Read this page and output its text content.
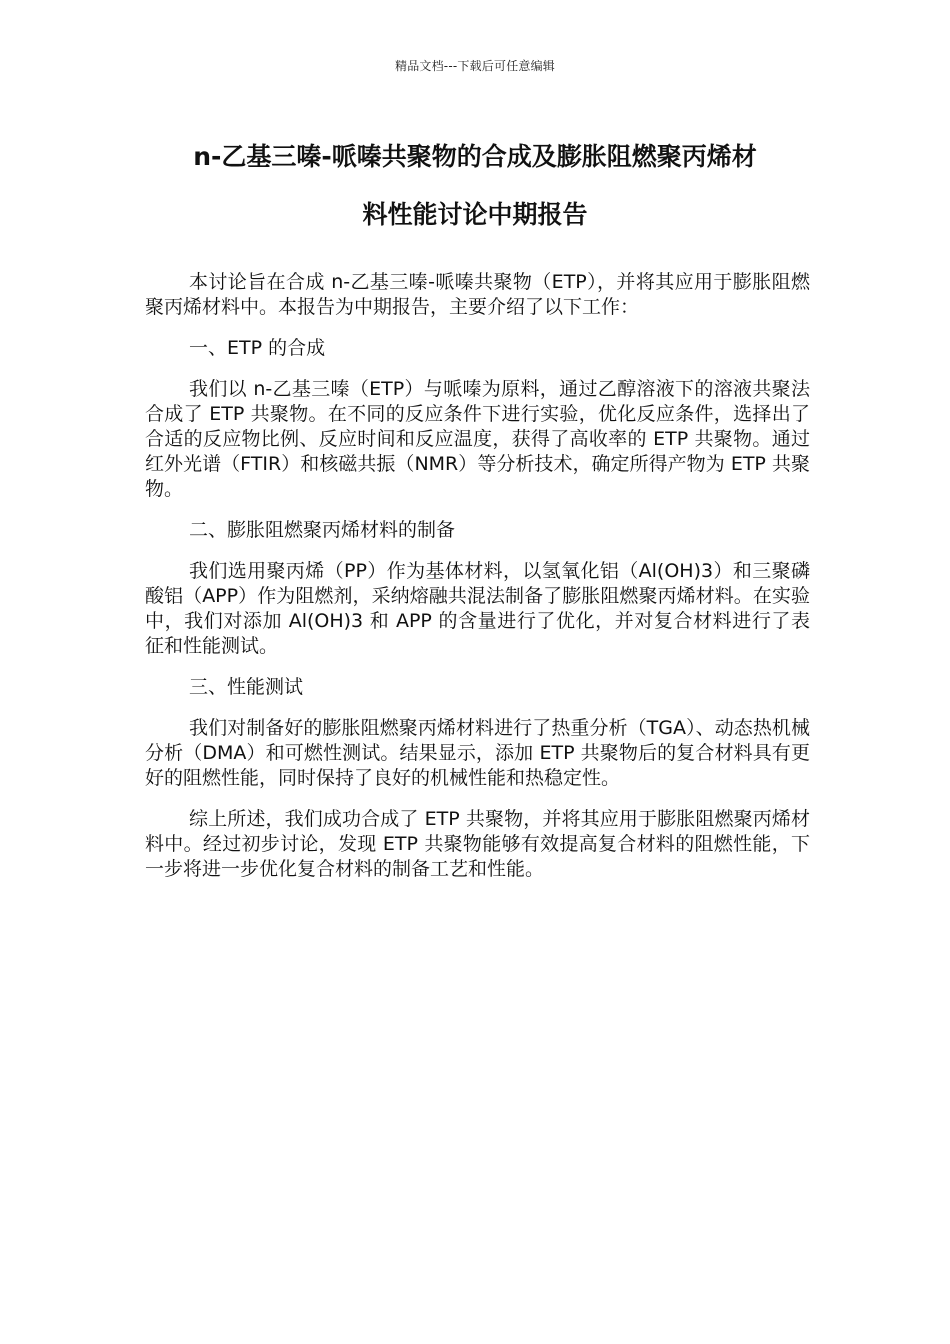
精品文档---下载后可任意编辑
n-乙基三嗪-哌嗪共聚物的合成及膨胀阻燃聚丙烯材
料性能讨论中期报告

本讨论旨在合成 n-乙基三嗪-哌嗪共聚物（ETP），并将其应用于膨胀阻燃聚丙烯材料中。本报告为中期报告，主要介绍了以下工作：

一、ETP 的合成

我们以 n-乙基三嗪（ETP）与哌嗪为原料，通过乙醇溶液下的溶液共聚法合成了 ETP 共聚物。在不同的反应条件下进行实验，优化反应条件，选择出了合适的反应物比例、反应时间和反应温度，获得了高收率的 ETP 共聚物。通过红外光谱（FTIR）和核磁共振（NMR）等分析技术，确定所得产物为 ETP 共聚物。

二、膨胀阻燃聚丙烯材料的制备

我们选用聚丙烯（PP）作为基体材料，以氢氧化铝（Al(OH)3）和三聚磷酸铝（APP）作为阻燃剂，采纳熔融共混法制备了膨胀阻燃聚丙烯材料。在实验中，我们对添加 Al(OH)3 和 APP 的含量进行了优化，并对复合材料进行了表征和性能测试。

三、性能测试

我们对制备好的膨胀阻燃聚丙烯材料进行了热重分析（TGA）、动态热机械分析（DMA）和可燃性测试。结果显示，添加 ETP 共聚物后的复合材料具有更好的阻燃性能，同时保持了良好的机械性能和热稳定性。

综上所述，我们成功合成了 ETP 共聚物，并将其应用于膨胀阻燃聚丙烯材料中。经过初步讨论，发现 ETP 共聚物能够有效提高复合材料的阻燃性能，下一步将进一步优化复合材料的制备工艺和性能。
